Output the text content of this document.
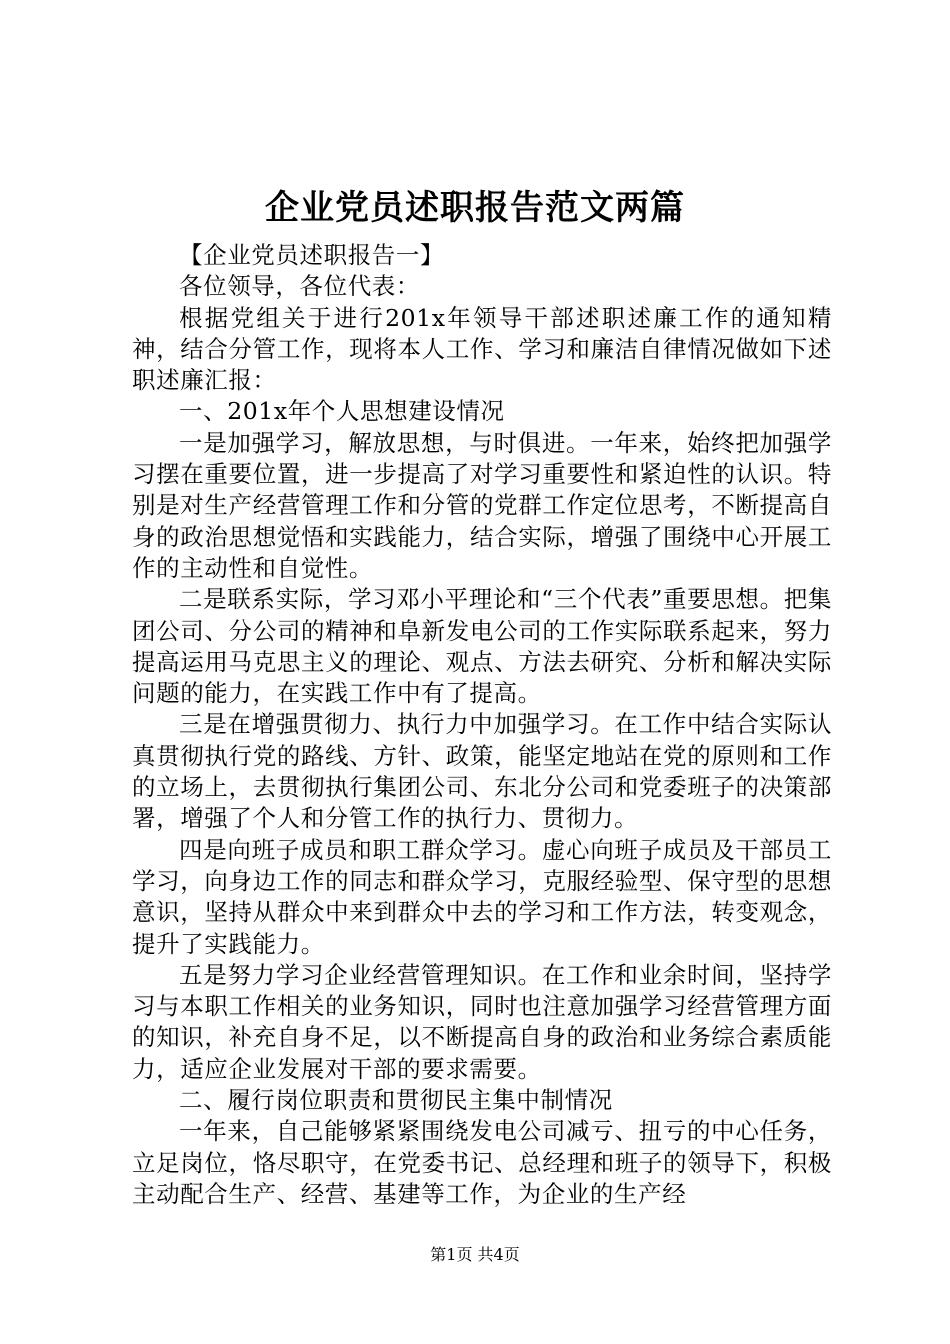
企业党员述职报告范文两篇

【企业党员述职报告一】

各位领导，各位代表：

根据党组关于进行201x年领导干部述职述廉工作的通知精神，结合分管工作，现将本人工作、学习和廉洁自律情况做如下述职述廉汇报：

一、201x年个人思想建设情况

一是加强学习，解放思想，与时俱进。一年来，始终把加强学习摆在重要位置，进一步提高了对学习重要性和紧迫性的认识。特别是对生产经营管理工作和分管的党群工作定位思考，不断提高自身的政治思想觉悟和实践能力，结合实际，增强了围绕中心开展工作的主动性和自觉性。

二是联系实际，学习邓小平理论和“三个代表”重要思想。把集团公司、分公司的精神和阜新发电公司的工作实际联系起来，努力提高运用马克思主义的理论、观点、方法去研究、分析和解决实际问题的能力，在实践工作中有了提高。

三是在增强贯彻力、执行力中加强学习。在工作中结合实际认真贯彻执行党的路线、方针、政策，能坚定地站在党的原则和工作的立场上，去贯彻执行集团公司、东北分公司和党委班子的决策部署，增强了个人和分管工作的执行力、贯彻力。

四是向班子成员和职工群众学习。虚心向班子成员及干部员工学习，向身边工作的同志和群众学习，克服经验型、保守型的思想意识，坚持从群众中来到群众中去的学习和工作方法，转变观念，提升了实践能力。

五是努力学习企业经营管理知识。在工作和业余时间，坚持学习与本职工作相关的业务知识，同时也注意加强学习经营管理方面的知识，补充自身不足，以不断提高自身的政治和业务综合素质能力，适应企业发展对干部的要求需要。

二、履行岗位职责和贯彻民主集中制情况

一年来，自己能够紧紧围绕发电公司减亏、扭亏的中心任务，立足岗位，恪尽职守，在党委书记、总经理和班子的领导下，积极主动配合生产、经营、基建等工作，为企业的生产经

第1页 共4页
